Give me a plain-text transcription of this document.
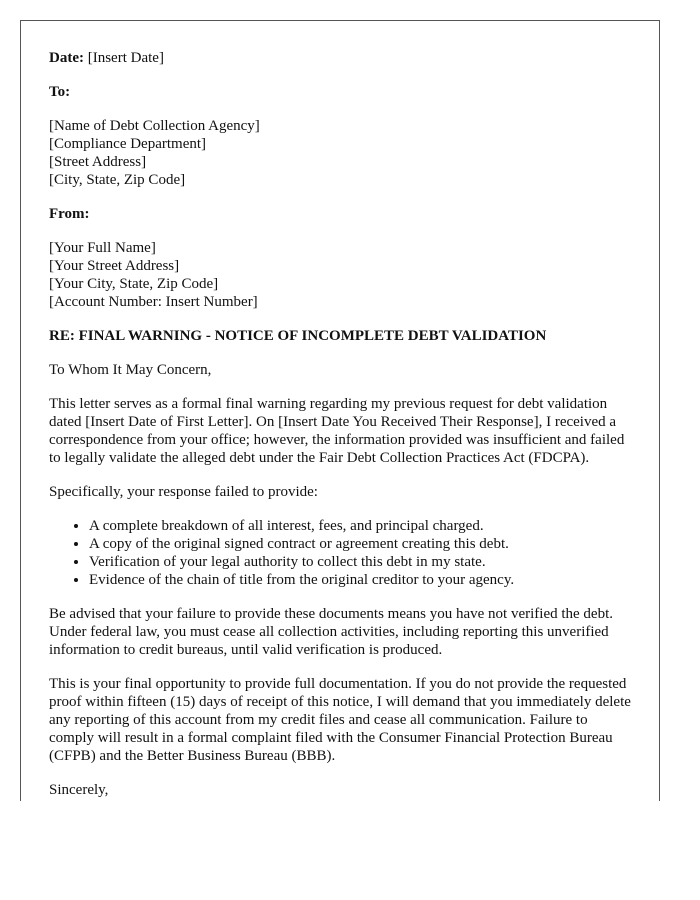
Date: [Insert Date]

To:

[Name of Debt Collection Agency]
[Compliance Department]
[Street Address]
[City, State, Zip Code]

From:

[Your Full Name]
[Your Street Address]
[Your City, State, Zip Code]
[Account Number: Insert Number]

RE: FINAL WARNING - NOTICE OF INCOMPLETE DEBT VALIDATION

To Whom It May Concern,

This letter serves as a formal final warning regarding my previous request for debt validation dated [Insert Date of First Letter]. On [Insert Date You Received Their Response], I received a correspondence from your office; however, the information provided was insufficient and failed to legally validate the alleged debt under the Fair Debt Collection Practices Act (FDCPA).

Specifically, your response failed to provide:

• A complete breakdown of all interest, fees, and principal charged.
• A copy of the original signed contract or agreement creating this debt.
• Verification of your legal authority to collect this debt in my state.
• Evidence of the chain of title from the original creditor to your agency.

Be advised that your failure to provide these documents means you have not verified the debt. Under federal law, you must cease all collection activities, including reporting this unverified information to credit bureaus, until valid verification is produced.

This is your final opportunity to provide full documentation. If you do not provide the requested proof within fifteen (15) days of receipt of this notice, I will demand that you immediately delete any reporting of this account from my credit files and cease all communication. Failure to comply will result in a formal complaint filed with the Consumer Financial Protection Bureau (CFPB) and the Better Business Bureau (BBB).

Sincerely,
